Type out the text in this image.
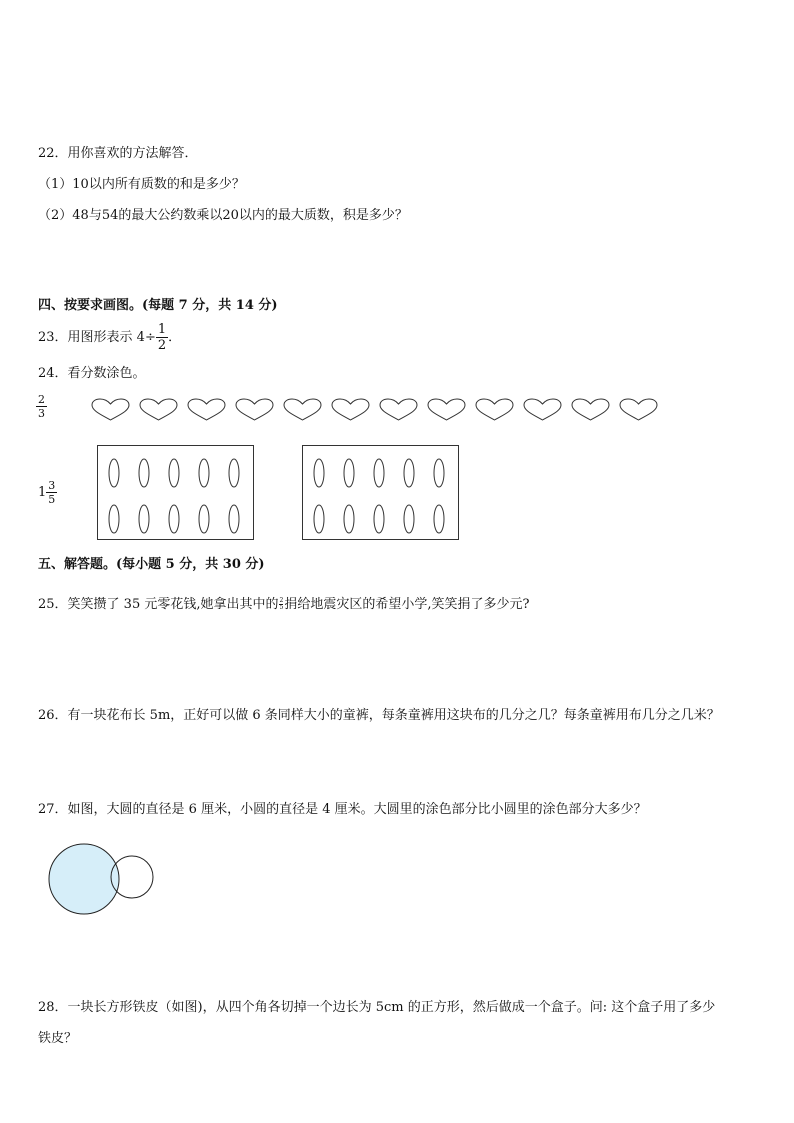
22．用你喜欢的方法解答．
（1）10以内所有质数的和是多少？
（2）48与54的最大公约数乘以20以内的最大质数，积是多少？
四、按要求画图。(每题 7 分，共 14 分)
23．用图形表示 $4\div \frac{1}{2}$ ．
24．看分数涂色。
$\frac{2}{3}$
$1 \frac{3}{5}$
五、解答题。(每小题 5 分，共 30 分)
25．笑笑攒了 35 元零花钱,她拿出其中的 $\frac{2}{5}$ 捐给地震灾区的希望小学,笑笑捐了多少元?
26．有一块花布长 5m，正好可以做 6 条同样大小的童裤，每条童裤用这块布的几分之几？每条童裤用布几分之几米？
27．如图，大圆的直径是 6 厘米，小圆的直径是 4 厘米。大圆里的涂色部分比小圆里的涂色部分大多少？
28．一块长方形铁皮（如图)，从四个角各切掉一个边长为 5cm 的正方形，然后做成一个盒子。问: 这个盒子用了多少
铁皮？
